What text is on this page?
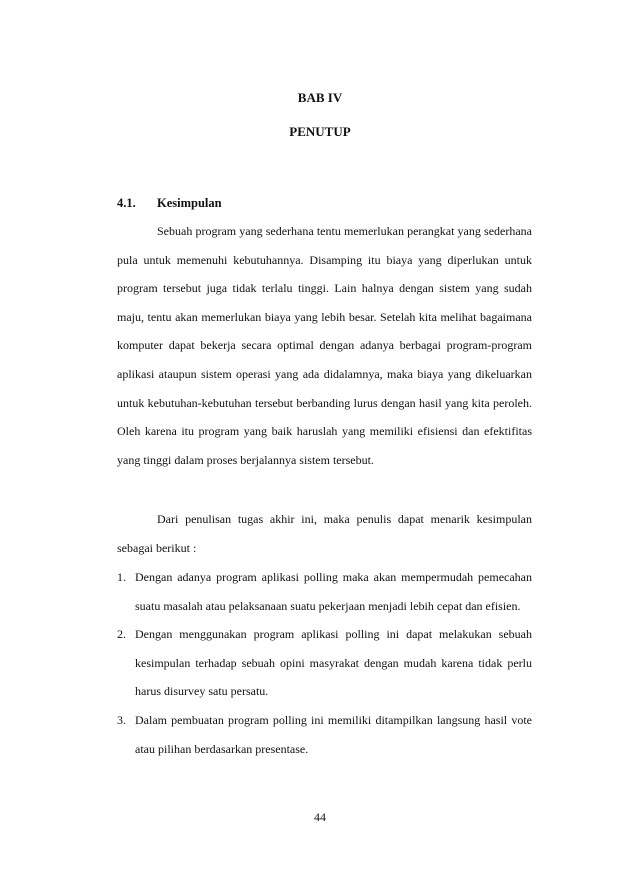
BAB IV
PENUTUP
4.1. Kesimpulan

Sebuah program yang sederhana tentu memerlukan perangkat yang sederhana pula untuk memenuhi kebutuhannya. Disamping itu biaya yang diperlukan untuk program tersebut juga tidak terlalu tinggi. Lain halnya dengan sistem yang sudah maju, tentu akan memerlukan biaya yang lebih besar. Setelah kita melihat bagaimana komputer dapat bekerja secara optimal dengan adanya berbagai program-program aplikasi ataupun sistem operasi yang ada didalamnya, maka biaya yang dikeluarkan untuk kebutuhan-kebutuhan tersebut berbanding lurus dengan hasil yang kita peroleh. Oleh karena itu program yang baik haruslah yang memiliki efisiensi dan efektifitas yang tinggi dalam proses berjalannya sistem tersebut.

Dari penulisan tugas akhir ini, maka penulis dapat menarik kesimpulan sebagai berikut :

1. Dengan adanya program aplikasi polling maka akan mempermudah pemecahan suatu masalah atau pelaksanaan suatu pekerjaan menjadi lebih cepat dan efisien.
2. Dengan menggunakan program aplikasi polling ini dapat melakukan sebuah kesimpulan terhadap sebuah opini masyrakat dengan mudah karena tidak perlu harus disurvey satu persatu.
3. Dalam pembuatan program polling ini memiliki ditampilkan langsung hasil vote atau pilihan berdasarkan presentase.
44
